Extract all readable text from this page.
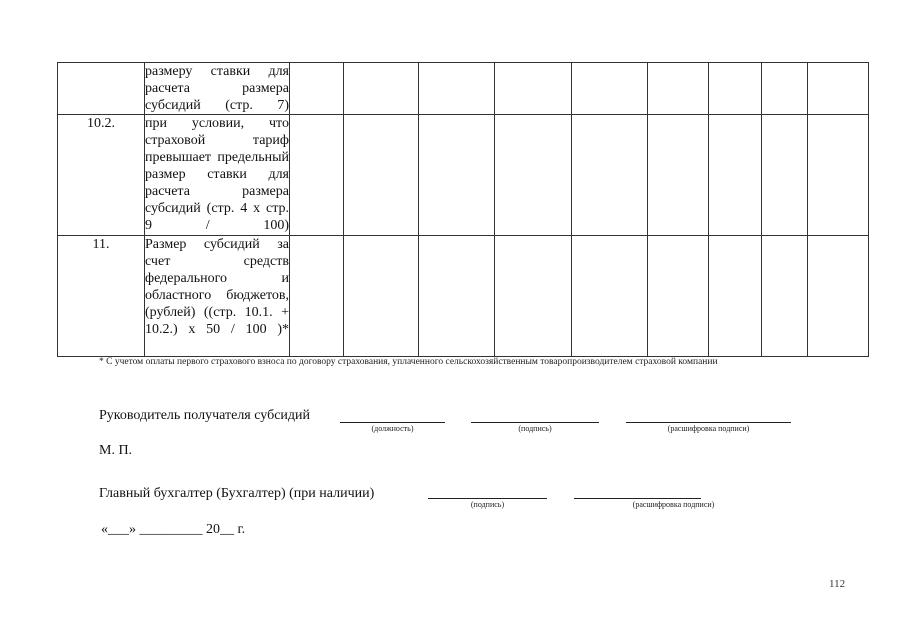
	размеру ставки для расчета размера субсидий (стр. 7)									

10.2.	при условии, что страховой тариф превышает предельный размер ставки для расчета размера субсидий (стр. 4 х стр. 9 / 100)									

11.	Размер субсидий за счет средств федерального и областного бюджетов, (рублей) ((стр. 10.1. + 10.2.) х 50 / 100 )*									

* С учетом оплаты первого страхового взноса по договору страхования, уплаченного сельскохозяйственным товаропроизводителем страховой компании
Руководитель получателя субсидий
(должность)	(подпись)	(расшифровка подписи)
М. П.
Главный бухгалтер (Бухгалтер) (при наличии)
(подпись)	(расшифровка подписи)
«___» _________ 20__ г.
112
